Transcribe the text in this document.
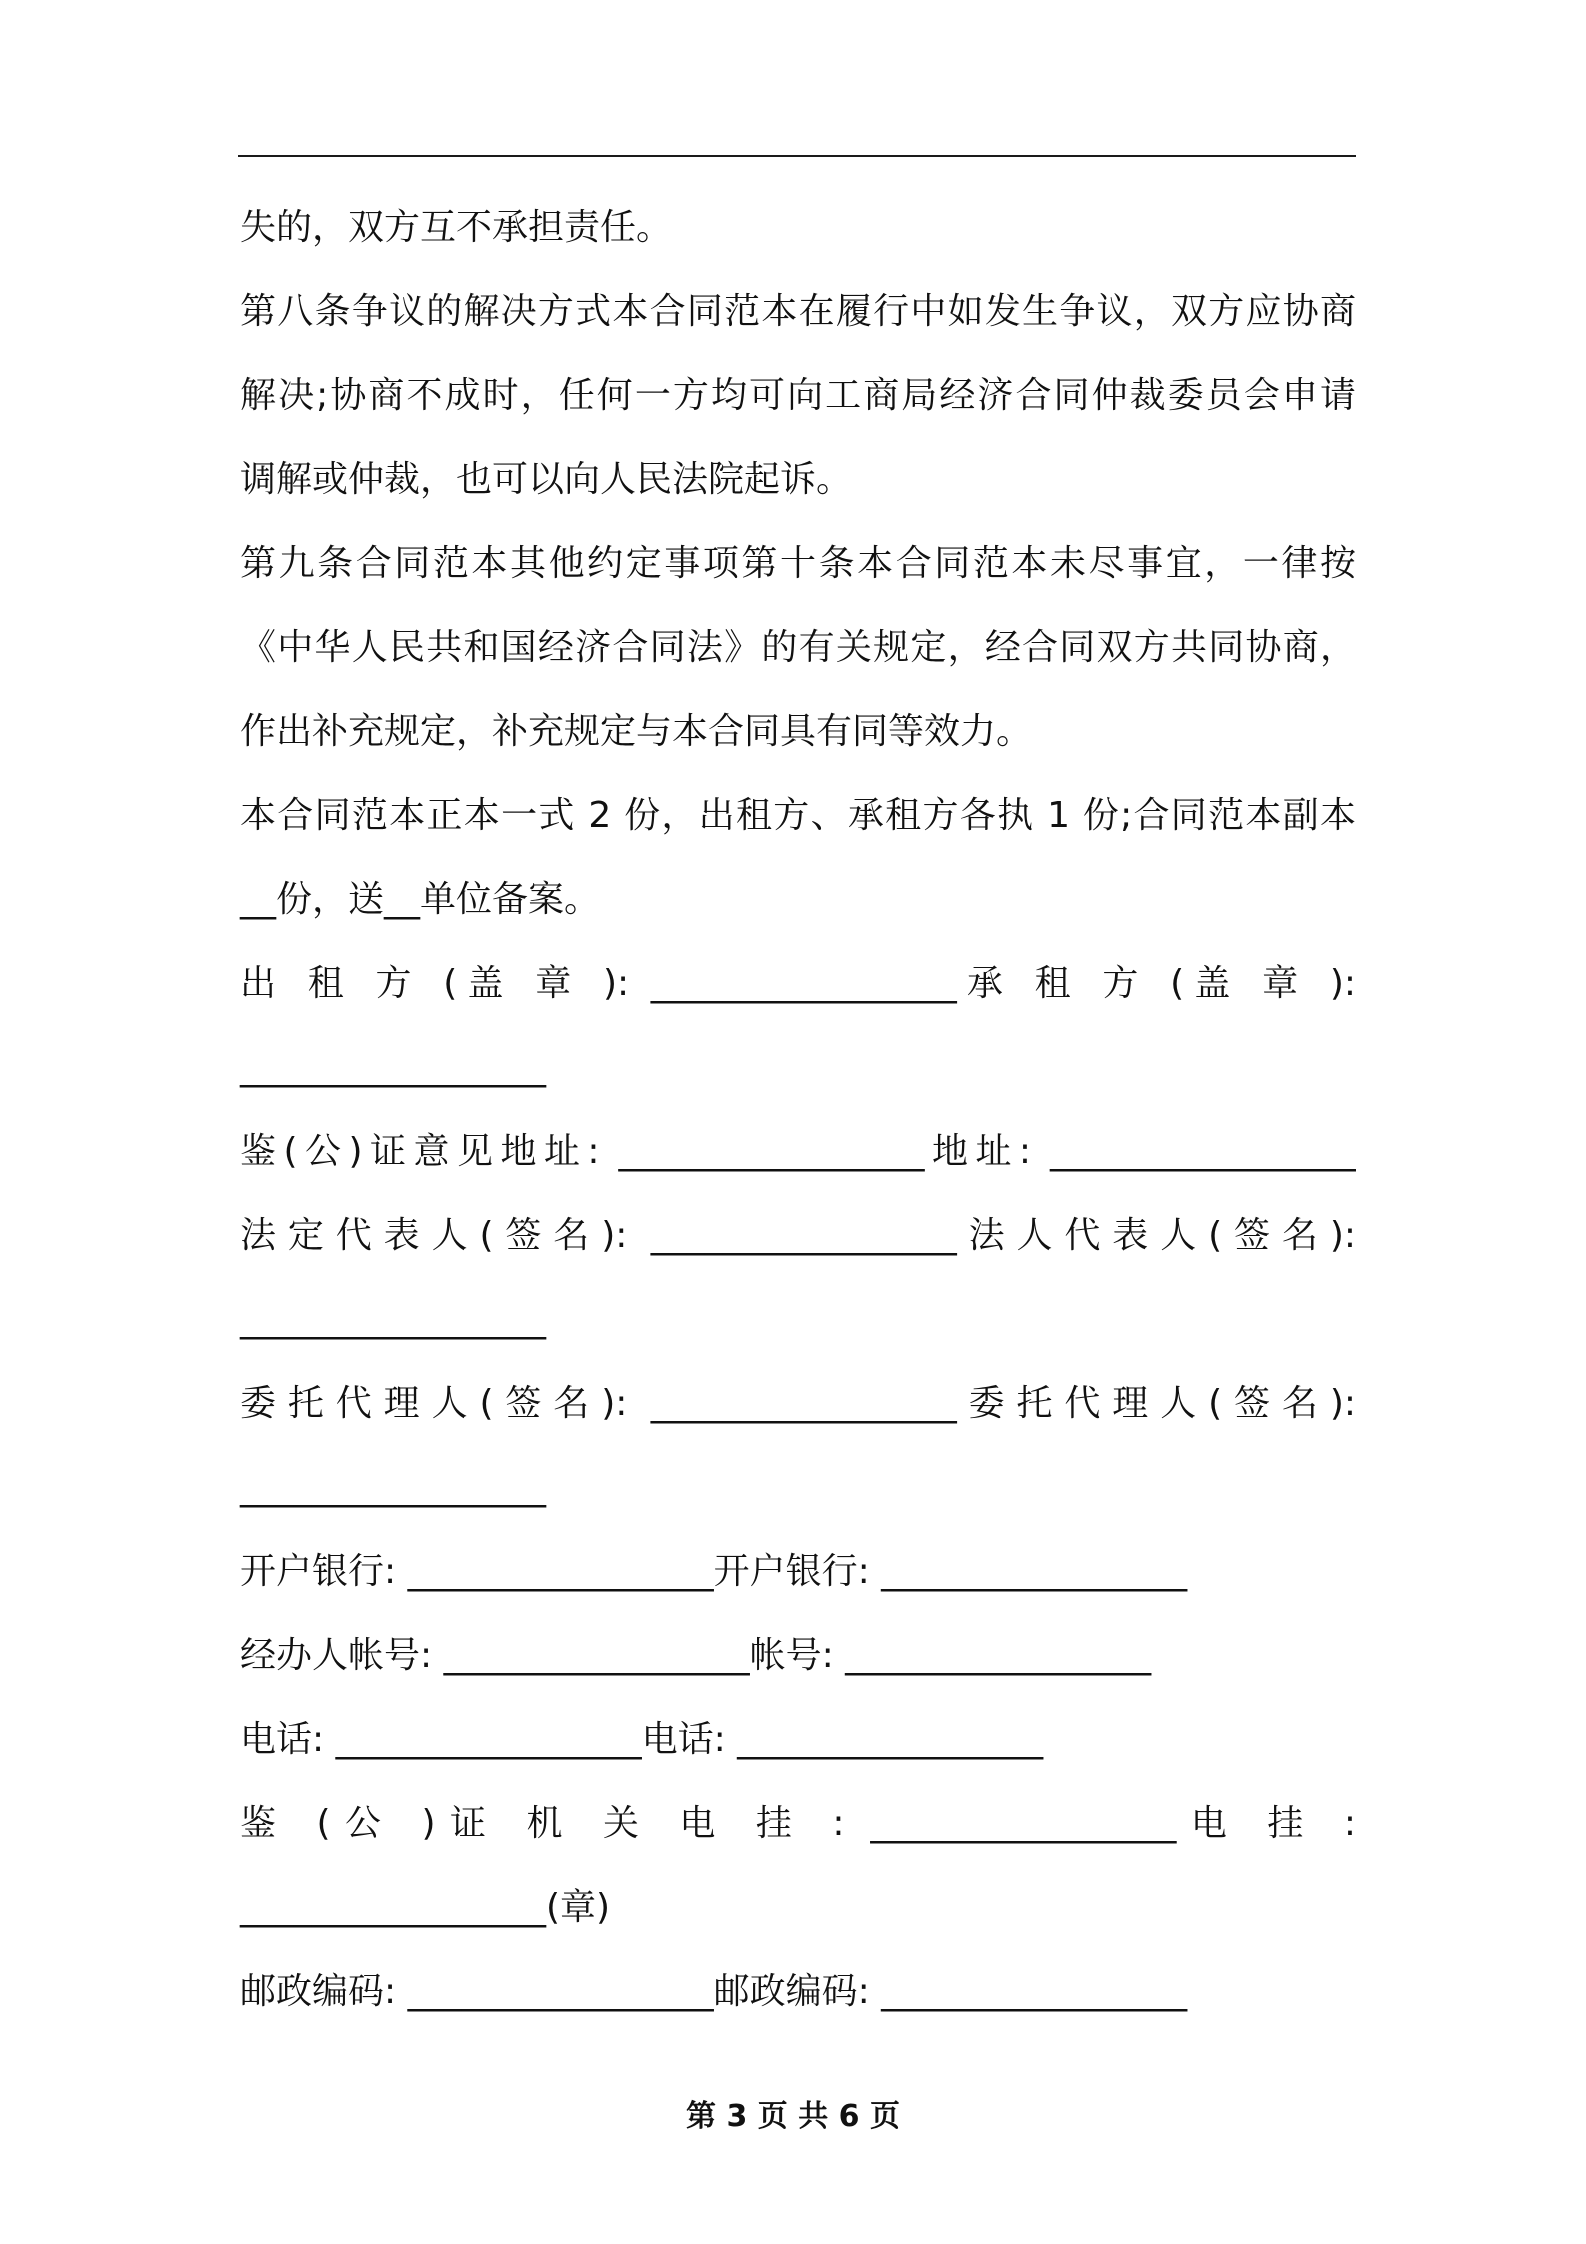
失的，双方互不承担责任。
第八条争议的解决方式本合同范本在履行中如发生争议，双方应协商
解决;协商不成时，任何一方均可向工商局经济合同仲裁委员会申请
调解或仲裁，也可以向人民法院起诉。
第九条合同范本其他约定事项第十条本合同范本未尽事宜，一律按
《中华人民共和国经济合同法》的有关规定，经合同双方共同协商，
作出补充规定，补充规定与本合同具有同等效力。
本合同范本正本一式 2 份，出租方、承租方各执 1 份;合同范本副本
__份，送__单位备案。
出 租 方 (盖 章 ): _________________承 租 方 (盖 章 ):
_________________
鉴(公)证意见地址: _________________地址: _________________
法定代表人(签名): _________________法人代表人(签名):
_________________
委托代理人(签名): _________________委托代理人(签名):
_________________
开户银行: _________________开户银行: _________________
经办人帐号: _________________帐号: _________________
电话: _________________电话: _________________
鉴 (公 )证 机 关 电 挂 : _________________电 挂 :
_________________(章)
邮政编码: _________________邮政编码: _________________
第 3 页 共 6 页
